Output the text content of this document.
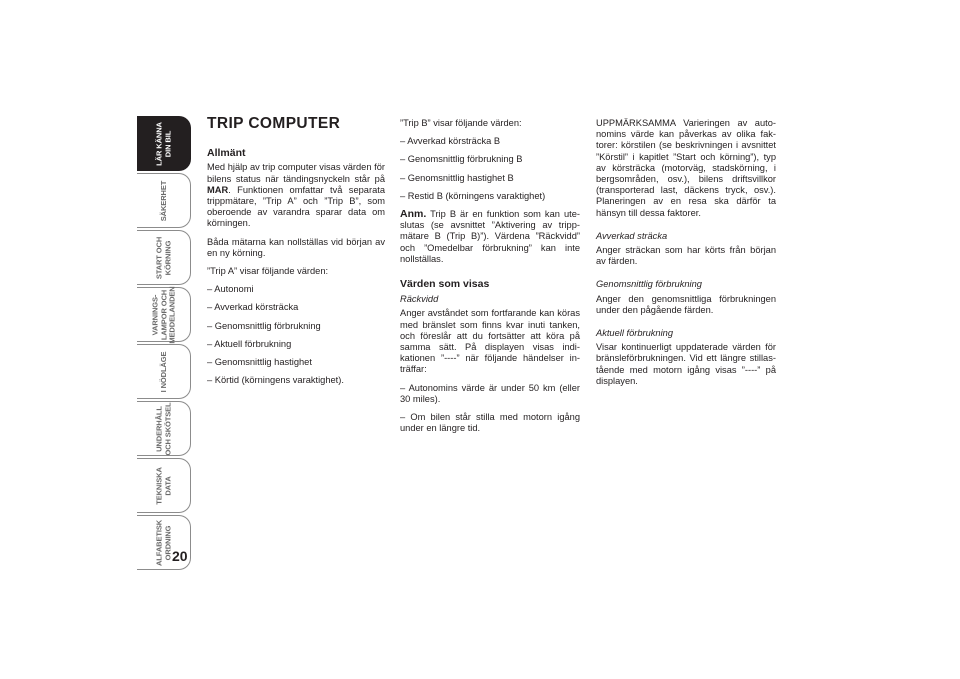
LÄR KÄNNA
DIN BIL
SÄKERHET
START OCH
KÖRNING
VARNINGS-
LAMPOR OCH
MEDDELANDEN
I NÖDLÄGE
UNDERHÅLL
OCH SKÖTSEL
TEKNISKA
DATA
ALFABETISK
ORDNING 20
TRIP COMPUTER
Allmänt

Med hjälp av trip computer visas värden för bilens status när tändingsnyckeln står på MAR. Funktionen omfattar två separata trippmätare, ”Trip A” och ”Trip B”, som oberoende av varandra sparar data om körningen.

Båda mätarna kan nollställas vid början av en ny körning.

”Trip A” visar följande värden:

– Autonomi

– Avverkad körsträcka

– Genomsnittlig förbrukning

– Aktuell förbrukning

– Genomsnittlig hastighet

– Körtid (körningens varaktighet).

”Trip B” visar följande värden:

– Avverkad körsträcka B

– Genomsnittlig förbrukning B

– Genomsnittlig hastighet B

– Restid B (körningens varaktighet)

Anm. Trip B är en funktion som kan uteslutas (se avsnittet ”Aktivering av trippmätare B (Trip B)”). Värdena ”Räckvidd” och ”Omedelbar förbrukning” kan inte nollställas.

Värden som visas
Räckvidd

Anger avståndet som fortfarande kan köras med bränslet som finns kvar inuti tanken, och föreslår att du fortsätter att köra på samma sätt. På displayen visas indikationen ”----” när följande händelser inträffar:

– Autonomins värde är under 50 km (eller 30 miles).

– Om bilen står stilla med motorn igång under en längre tid.

UPPMÄRKSAMMA Varieringen av autonomins värde kan påverkas av olika faktorer: körstilen (se beskrivningen i avsnittet ”Körstil” i kapitlet ”Start och körning”), typ av körsträcka (motorväg, stadskörning, i bergsområden, osv.), bilens driftsvillkor (transporterad last, däckens tryck, osv.). Planeringen av en resa ska därför ta hänsyn till dessa faktorer.

Avverkad sträcka

Anger sträckan som har körts från början av färden.

Genomsnittlig förbrukning

Anger den genomsnittliga förbrukningen under den pågående färden.

Aktuell förbrukning

Visar kontinuerligt uppdaterade värden för bränsleförbrukningen. Vid ett längre stillastående med motorn igång visas ”----” på displayen.
